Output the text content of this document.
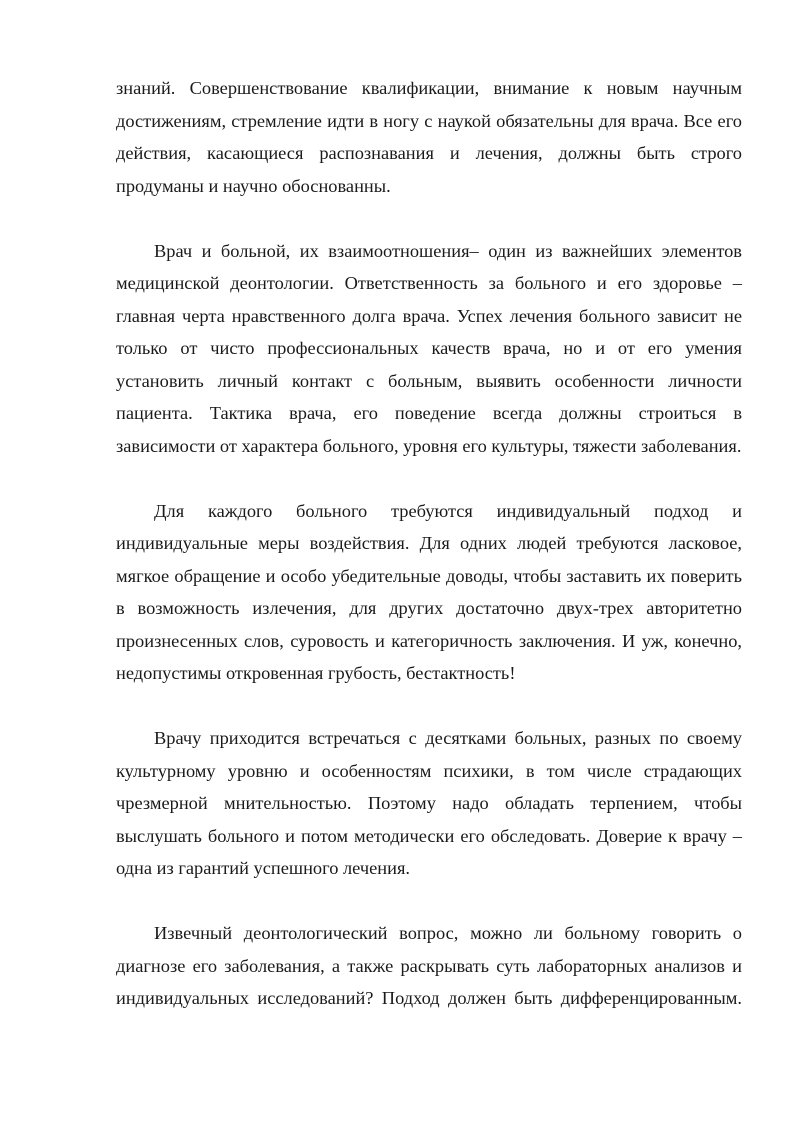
знаний. Совершенствование квалификации, внимание к новым научным достижениям, стремление идти в ногу с наукой обязательны для врача. Все его действия, касающиеся распознавания и лечения, должны быть строго продуманы и научно обоснованны.

Врач и больной, их взаимоотношения– один из важнейших элементов медицинской деонтологии. Ответственность за больного и его здоровье – главная черта нравственного долга врача. Успех лечения больного зависит не только от чисто профессиональных качеств врача, но и от его умения установить личный контакт с больным, выявить особенности личности пациента. Тактика врача, его поведение всегда должны строиться в зависимости от характера больного, уровня его культуры, тяжести заболевания.

Для каждого больного требуются индивидуальный подход и индивидуальные меры воздействия. Для одних людей требуются ласковое, мягкое обращение и особо убедительные доводы, чтобы заставить их поверить в возможность излечения, для других достаточно двух-трех авторитетно произнесенных слов, суровость и категоричность заключения. И уж, конечно, недопустимы откровенная грубость, бестактность!

Врачу приходится встречаться с десятками больных, разных по своему культурному уровню и особенностям психики, в том числе страдающих чрезмерной мнительностью. Поэтому надо обладать терпением, чтобы выслушать больного и потом методически его обследовать. Доверие к врачу – одна из гарантий успешного лечения.

Извечный деонтологический вопрос, можно ли больному говорить о диагнозе его заболевания, а также раскрывать суть лабораторных анализов и индивидуальных исследований? Подход должен быть дифференцированным.
